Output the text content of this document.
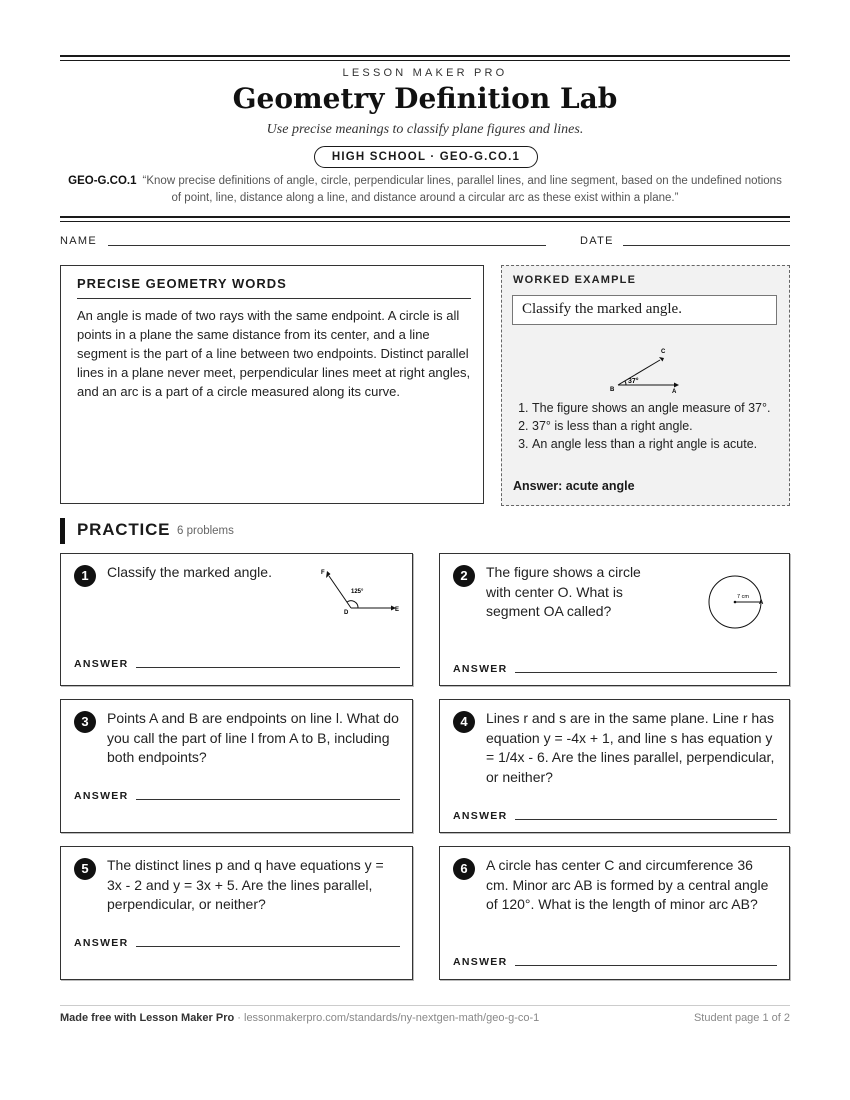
LESSON MAKER PRO
Geometry Definition Lab
Use precise meanings to classify plane figures and lines.
HIGH SCHOOL · GEO-G.CO.1
GEO-G.CO.1 “Know precise definitions of angle, circle, perpendicular lines, parallel lines, and line segment, based on the undefined notions of point, line, distance along a line, and distance around a circular arc as these exist within a plane.”
NAME	DATE
PRECISE GEOMETRY WORDS

An angle is made of two rays with the same endpoint. A circle is all points in a plane the same distance from its center, and a line segment is the part of a line between two endpoints. Distinct parallel lines in a plane never meet, perpendicular lines meet at right angles, and an arc is a part of a circle measured along its curve.

WORKED EXAMPLE
Classify the marked angle.
37°
B	A
C
1. The figure shows an angle measure of 37°.
2. 37° is less than a right angle.
3. An angle less than a right angle is acute.
Answer: acute angle
PRACTICE 6 problems
1	Classify the marked angle.
125°
D	E
F
ANSWER
2	The figure shows a circle with center O. What is segment OA called?
7 cm
A
ANSWER
3	Points A and B are endpoints on line l. What do you call the part of line l from A to B, including both endpoints?
ANSWER
4	Lines r and s are in the same plane. Line r has equation y = -4x + 1, and line s has equation y = 1/4x - 6. Are the lines parallel, perpendicular, or neither?
ANSWER
5	The distinct lines p and q have equations y = 3x - 2 and y = 3x + 5. Are the lines parallel, perpendicular, or neither?
ANSWER
6	A circle has center C and circumference 36 cm. Minor arc AB is formed by a central angle of 120°. What is the length of minor arc AB?
ANSWER
Made free with Lesson Maker Pro · lessonmakerpro.com/standards/ny-nextgen-math/geo-g-co-1	Student page 1 of 2
